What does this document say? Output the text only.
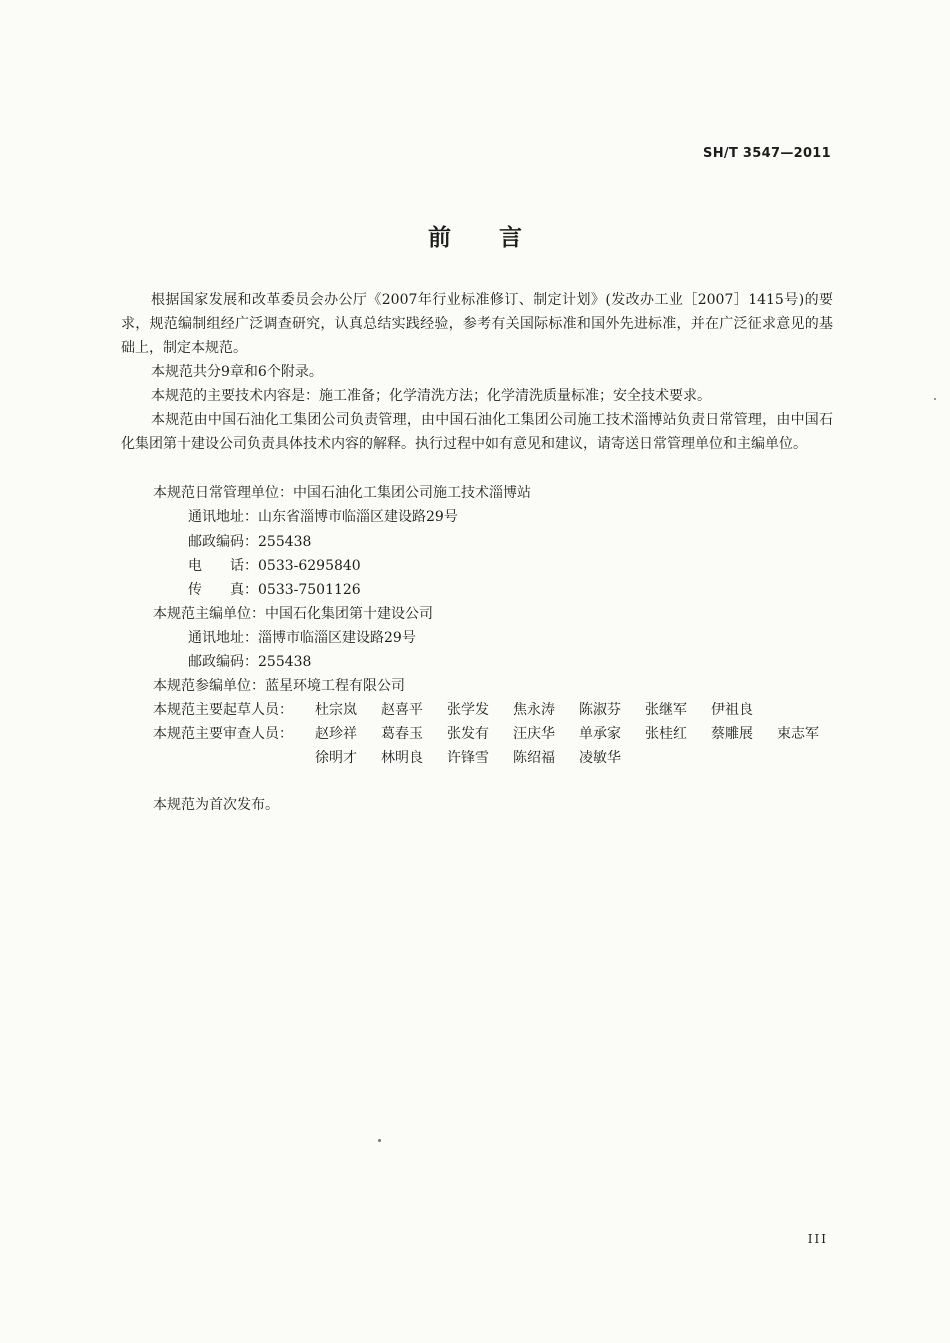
SH/T 3547—2011
前言

根据国家发展和改革委员会办公厅《2007年行业标准修订、制定计划》(发改办工业［2007］1415号)的要求，规范编制组经广泛调查研究，认真总结实践经验，参考有关国际标准和国外先进标准，并在广泛征求意见的基础上，制定本规范。

本规范共分9章和6个附录。

本规范的主要技术内容是：施工准备；化学清洗方法；化学清洗质量标准；安全技术要求。

本规范由中国石油化工集团公司负责管理，由中国石油化工集团公司施工技术淄博站负责日常管理，由中国石化集团第十建设公司负责具体技术内容的解释。执行过程中如有意见和建议，请寄送日常管理单位和主编单位。

本规范日常管理单位：中国石油化工集团公司施工技术淄博站
通讯地址：山东省淄博市临淄区建设路29号
邮政编码：255438
电　　话：0533-6295840
传　　真：0533-7501126
本规范主编单位：中国石化集团第十建设公司
通讯地址：淄博市临淄区建设路29号
邮政编码：255438
本规范参编单位：蓝星环境工程有限公司
本规范主要起草人员： 杜宗岚 赵喜平 张学发 焦永涛 陈淑芬 张继军 伊祖良
本规范主要审查人员： 赵珍祥 葛春玉 张发有 汪庆华 单承家 张桂红 蔡雕展 束志军
徐明才 林明良 许锋雪 陈绍福 凌敏华
本规范为首次发布。
III
